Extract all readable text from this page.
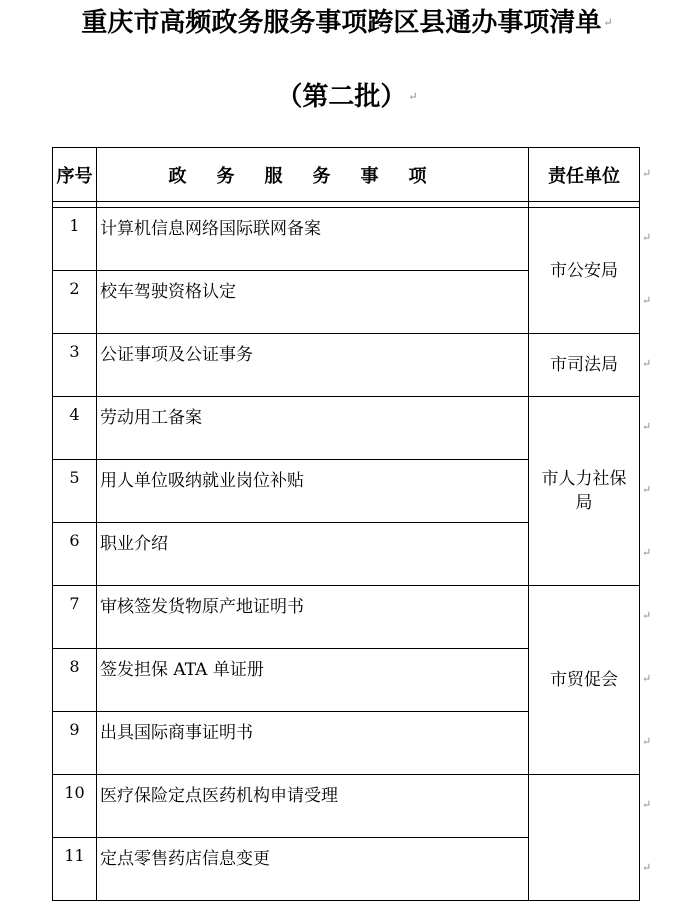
重庆市高频政务服务事项跨区县通办事项清单 ↵
（第二批） ↵
序号	政务服务事项	责任单位

1	计算机信息网络国际联网备案	市公安局
2	校车驾驶资格认定	
3	公证事项及公证事务	市司法局
4	劳动用工备案	市人力社保局
5	用人单位吸纳就业岗位补贴	
6	职业介绍	
7	审核签发货物原产地证明书	市贸促会
8	签发担保 ATA 单证册	
9	出具国际商事证明书	
10	医疗保险定点医药机构申请受理	
11	定点零售药店信息变更	
↵
↵
↵
↵
↵
↵
↵
↵
↵
↵
↵
↵
